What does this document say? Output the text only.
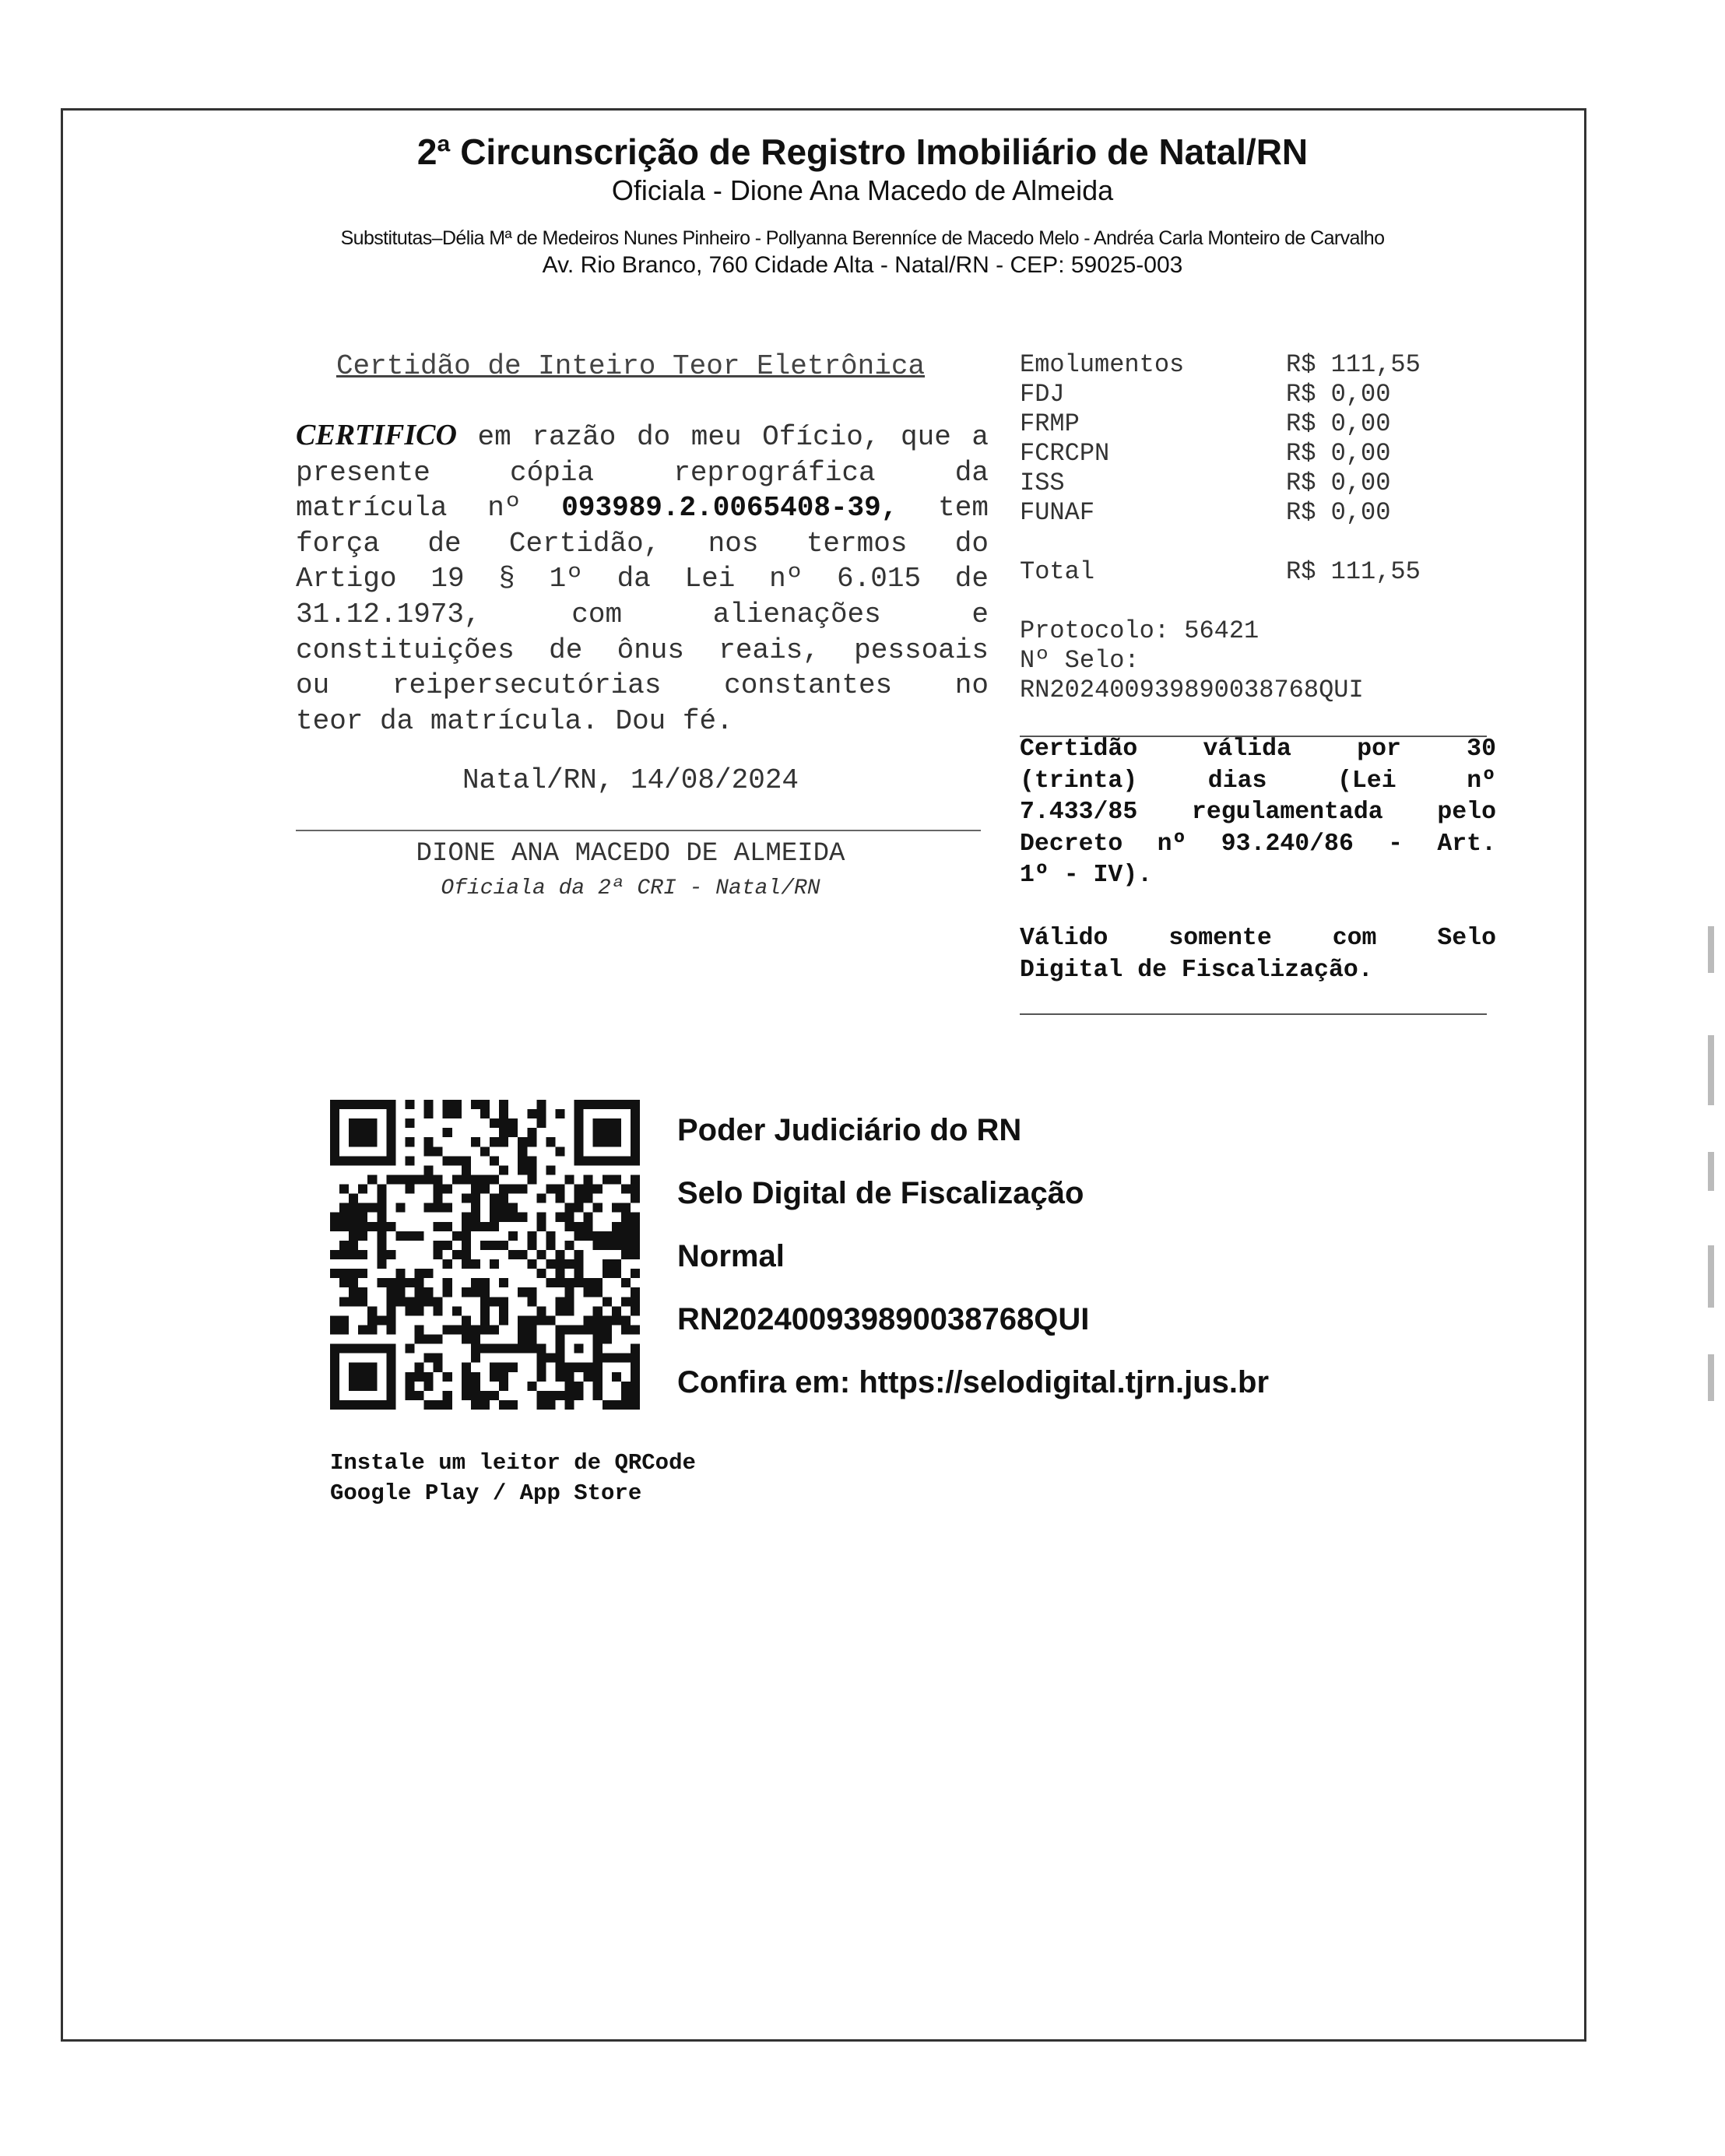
2ª Circunscrição de Registro Imobiliário de Natal/RN
Oficiala - Dione Ana Macedo de Almeida
Substitutas–Délia Mª de Medeiros Nunes Pinheiro - Pollyanna Berenníce de Macedo Melo - Andréa Carla Monteiro de Carvalho
Av. Rio Branco, 760 Cidade Alta - Natal/RN - CEP: 59025-003
Certidão de Inteiro Teor Eletrônica
CERTIFICO em razão do meu Ofício, que a
presente cópia reprográfica da
matrícula nº 093989.2.0065408-39, tem
força de Certidão, nos termos do
Artigo 19 § 1º da Lei nº 6.015 de
31.12.1973, com alienações e
constituições de ônus reais, pessoais
ou reipersecutórias constantes no
teor da matrícula. Dou fé.
Natal/RN, 14/08/2024
DIONE ANA MACEDO DE ALMEIDA
Oficiala da 2ª CRI - Natal/RN
Emolumentos	R$ 111,55
FDJ	R$ 0,00
FRMP	R$ 0,00
FCRCPN	R$ 0,00
ISS	R$ 0,00
FUNAF	R$ 0,00
Total	R$ 111,55
Protocolo: 56421
Nº Selo:
RN202400939890038768QUI
Certidão válida por 30
(trinta) dias (Lei nº
7.433/85 regulamentada pelo
Decreto nº 93.240/86 - Art.
1º - IV).
Válido somente com Selo
Digital de Fiscalização.
Poder Judiciário do RN
Selo Digital de Fiscalização
Normal
RN202400939890038768QUI
Confira em: https://selodigital.tjrn.jus.br
Instale um leitor de QRCode
Google Play / App Store
